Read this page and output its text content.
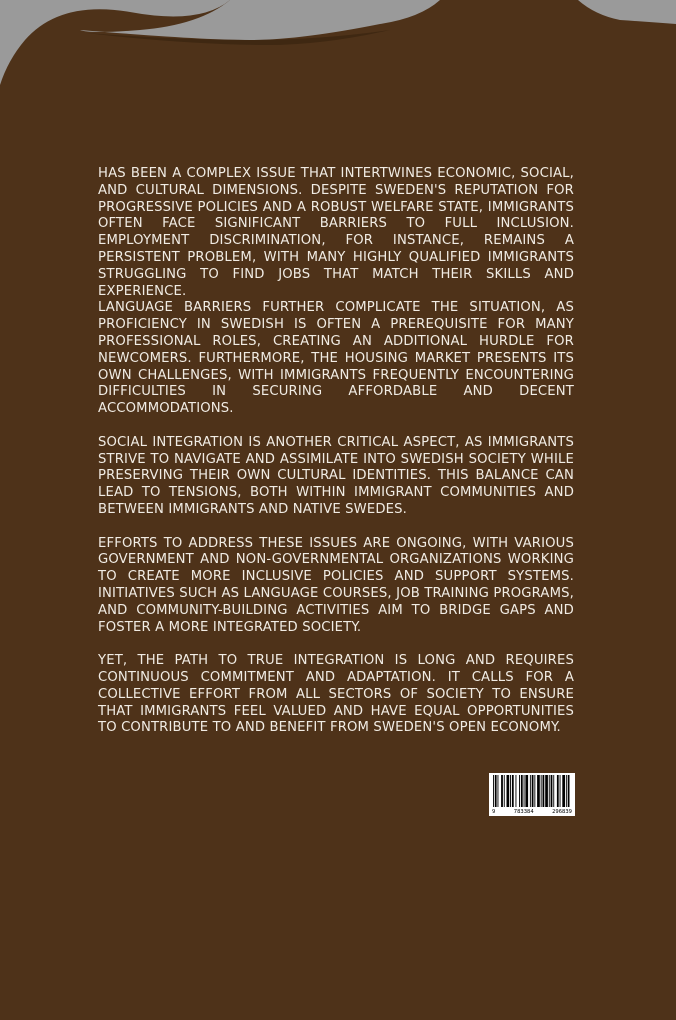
HAS BEEN A COMPLEX ISSUE THAT INTERTWINES ECONOMIC, SOCIAL, AND CULTURAL DIMENSIONS. DESPITE SWEDEN'S REPUTATION FOR PROGRESSIVE POLICIES AND A ROBUST WELFARE STATE, IMMIGRANTS OFTEN FACE SIGNIFICANT BARRIERS TO FULL INCLUSION. EMPLOYMENT DISCRIMINATION, FOR INSTANCE, REMAINS A PERSISTENT PROBLEM, WITH MANY HIGHLY QUALIFIED IMMIGRANTS STRUGGLING TO FIND JOBS THAT MATCH THEIR SKILLS AND EXPERIENCE.

LANGUAGE BARRIERS FURTHER COMPLICATE THE SITUATION, AS PROFICIENCY IN SWEDISH IS OFTEN A PREREQUISITE FOR MANY PROFESSIONAL ROLES, CREATING AN ADDITIONAL HURDLE FOR NEWCOMERS. FURTHERMORE, THE HOUSING MARKET PRESENTS ITS OWN CHALLENGES, WITH IMMIGRANTS FREQUENTLY ENCOUNTERING DIFFICULTIES IN SECURING AFFORDABLE AND DECENT ACCOMMODATIONS.

SOCIAL INTEGRATION IS ANOTHER CRITICAL ASPECT, AS IMMIGRANTS STRIVE TO NAVIGATE AND ASSIMILATE INTO SWEDISH SOCIETY WHILE PRESERVING THEIR OWN CULTURAL IDENTITIES. THIS BALANCE CAN LEAD TO TENSIONS, BOTH WITHIN IMMIGRANT COMMUNITIES AND BETWEEN IMMIGRANTS AND NATIVE SWEDES.

EFFORTS TO ADDRESS THESE ISSUES ARE ONGOING, WITH VARIOUS GOVERNMENT AND NON-GOVERNMENTAL ORGANIZATIONS WORKING TO CREATE MORE INCLUSIVE POLICIES AND SUPPORT SYSTEMS. INITIATIVES SUCH AS LANGUAGE COURSES, JOB TRAINING PROGRAMS, AND COMMUNITY-BUILDING ACTIVITIES AIM TO BRIDGE GAPS AND FOSTER A MORE INTEGRATED SOCIETY.

YET, THE PATH TO TRUE INTEGRATION IS LONG AND REQUIRES CONTINUOUS COMMITMENT AND ADAPTATION. IT CALLS FOR A COLLECTIVE EFFORT FROM ALL SECTORS OF SOCIETY TO ENSURE THAT IMMIGRANTS FEEL VALUED AND HAVE EQUAL OPPORTUNITIES TO CONTRIBUTE TO AND BENEFIT FROM SWEDEN'S OPEN ECONOMY.

9	783384	296839
